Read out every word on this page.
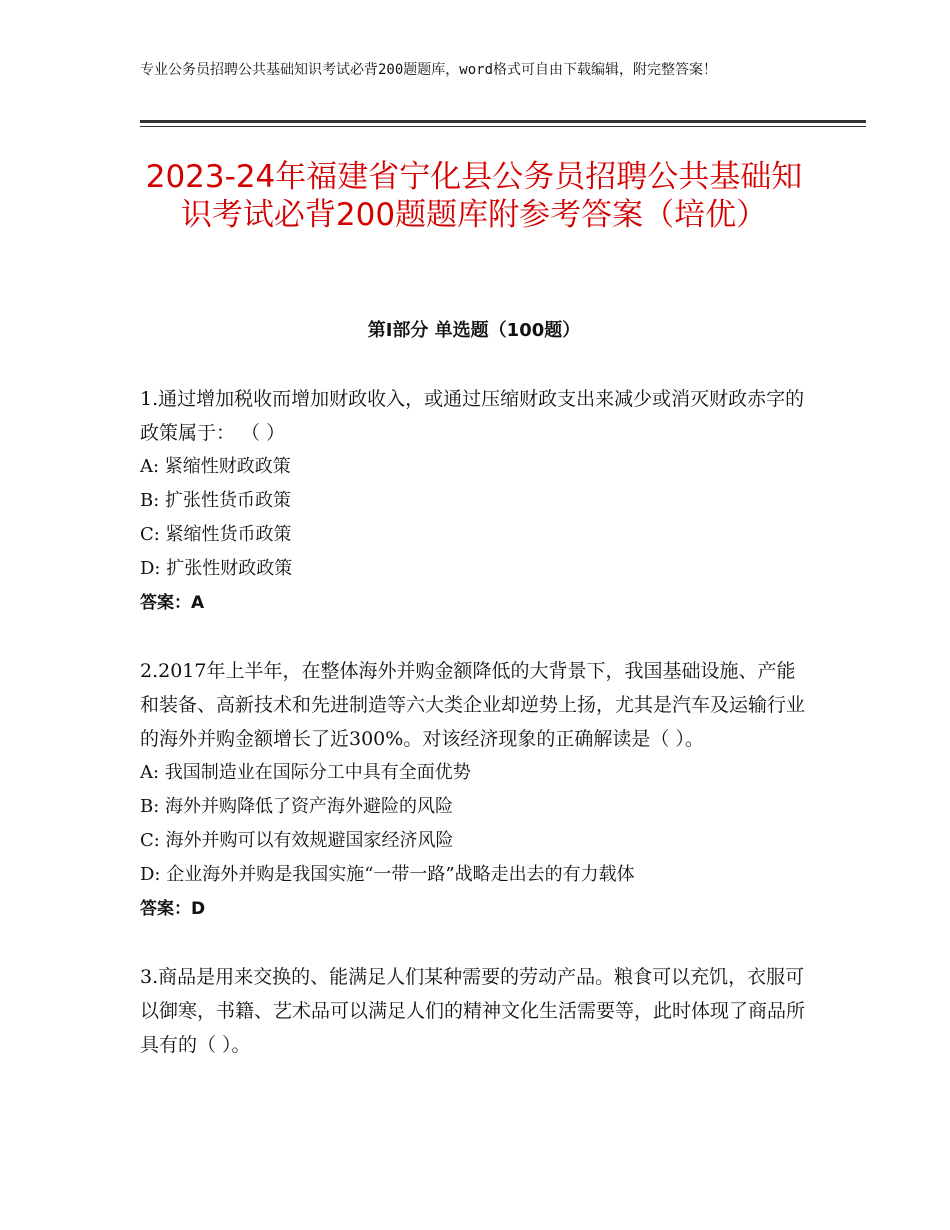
专业公务员招聘公共基础知识考试必背200题题库，word格式可自由下载编辑，附完整答案！
2023-24年福建省宁化县公务员招聘公共基础知识考试必背200题题库附参考答案（培优）
第Ⅰ部分 单选题（100题）

1.通过增加税收而增加财政收入，或通过压缩财政支出来减少或消灭财政赤字的政策属于： （ ）

A: 紧缩性财政政策

B: 扩张性货币政策

C: 紧缩性货币政策

D: 扩张性财政政策

答案：A

2.2017年上半年，在整体海外并购金额降低的大背景下，我国基础设施、产能和装备、高新技术和先进制造等六大类企业却逆势上扬，尤其是汽车及运输行业的海外并购金额增长了近300%。对该经济现象的正确解读是（ ）。

A: 我国制造业在国际分工中具有全面优势

B: 海外并购降低了资产海外避险的风险

C: 海外并购可以有效规避国家经济风险

D: 企业海外并购是我国实施“一带一路”战略走出去的有力载体

答案：D

3.商品是用来交换的、能满足人们某种需要的劳动产品。粮食可以充饥，衣服可以御寒，书籍、艺术品可以满足人们的精神文化生活需要等，此时体现了商品所具有的（ ）。
